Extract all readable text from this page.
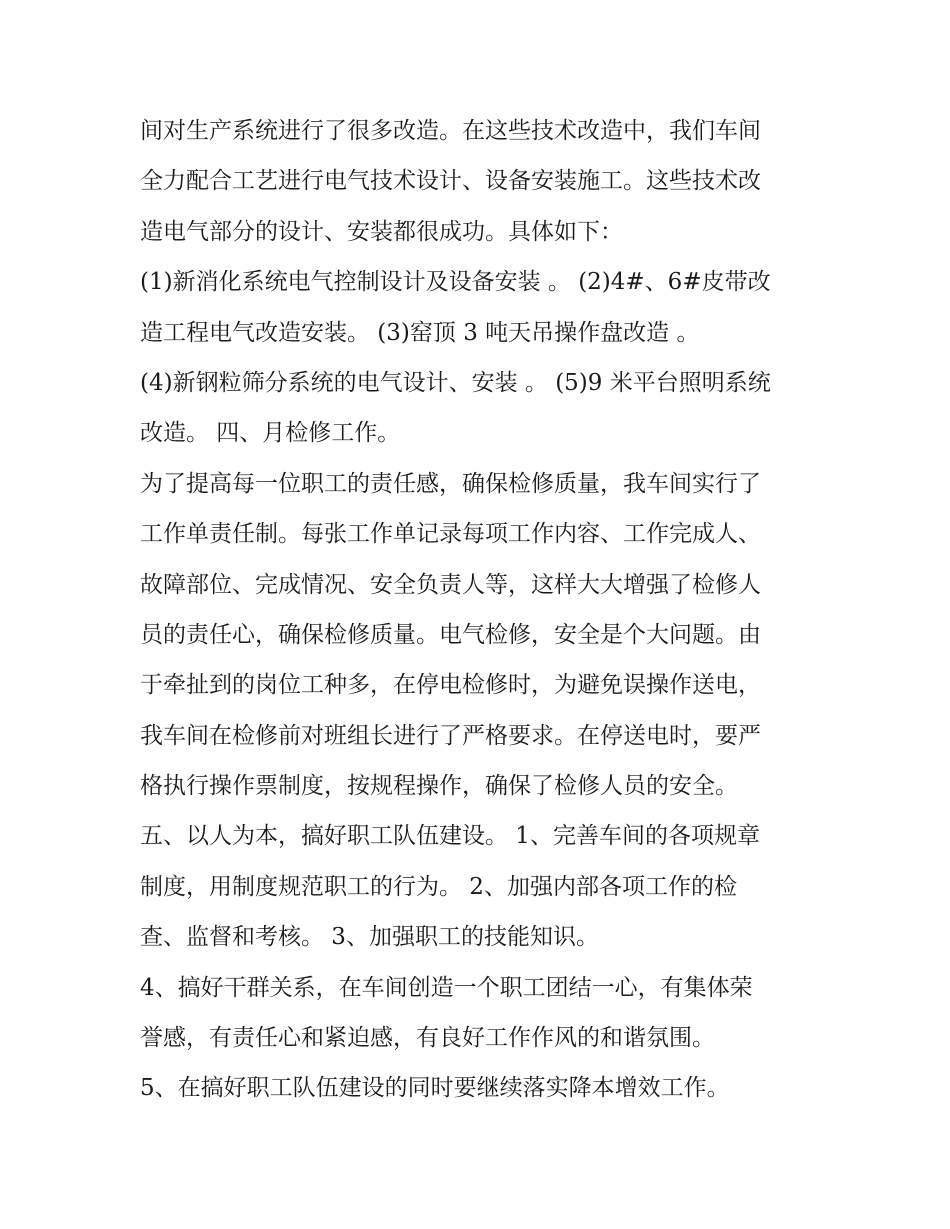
间对生产系统进行了很多改造。在这些技术改造中，我们车间
全力配合工艺进行电气技术设计、设备安装施工。这些技术改
造电气部分的设计、安装都很成功。具体如下：
(1)新消化系统电气控制设计及设备安装 。 (2)4#、6#皮带改
造工程电气改造安装。 (3)窑顶 3 吨天吊操作盘改造 。
(4)新钢粒筛分系统的电气设计、安装 。 (5)9 米平台照明系统
改造。 四、月检修工作。
为了提高每一位职工的责任感，确保检修质量，我车间实行了
工作单责任制。每张工作单记录每项工作内容、工作完成人、
故障部位、完成情况、安全负责人等，这样大大增强了检修人
员的责任心，确保检修质量。电气检修，安全是个大问题。由
于牵扯到的岗位工种多，在停电检修时，为避免误操作送电，
我车间在检修前对班组长进行了严格要求。在停送电时，要严
格执行操作票制度，按规程操作，确保了检修人员的安全。
五、以人为本，搞好职工队伍建设。 1、完善车间的各项规章
制度，用制度规范职工的行为。 2、加强内部各项工作的检
查、监督和考核。 3、加强职工的技能知识。
4、搞好干群关系，在车间创造一个职工团结一心，有集体荣
誉感，有责任心和紧迫感，有良好工作作风的和谐氛围。
5、在搞好职工队伍建设的同时要继续落实降本增效工作。
